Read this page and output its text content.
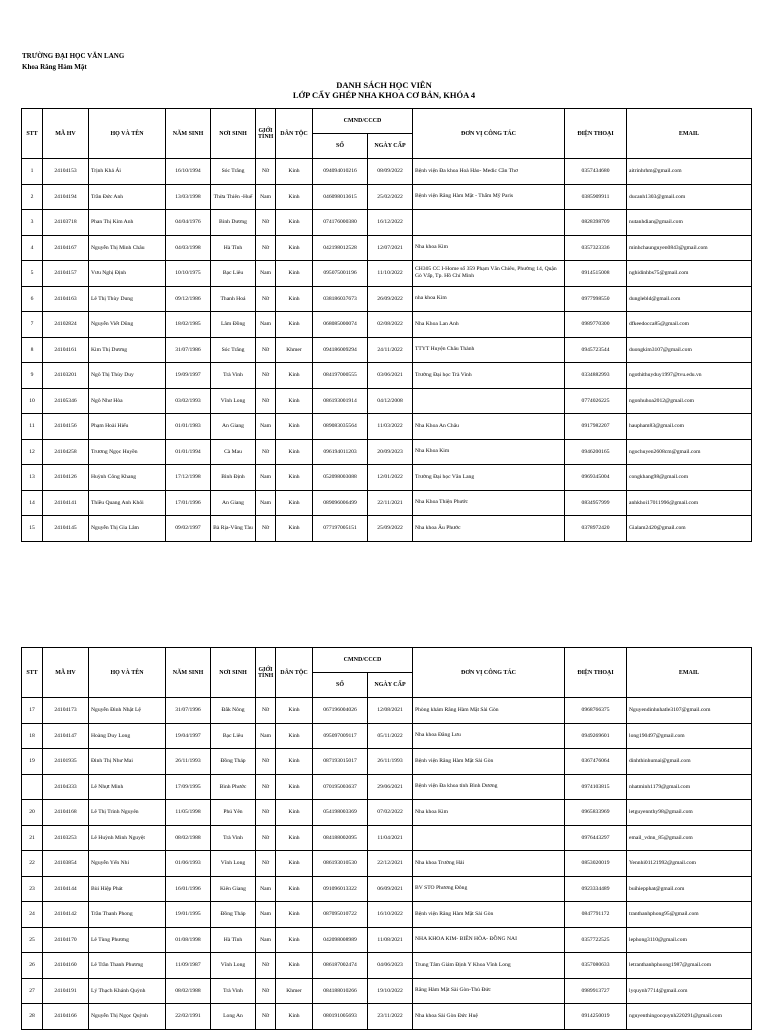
TRƯỜNG ĐẠI HỌC VĂN LANG
Khoa Răng Hàm Mặt
DANH SÁCH HỌC VIÊN
LỚP CẤY GHÉP NHA KHOA CƠ BẢN, KHÓA 4
STT	MÃ HV	HỌ VÀ TÊN	NĂM SINH	NƠI SINH	GIỚI TÍNH	DÂN TỘC	CMND/CCCD		ĐƠN VỊ CÔNG TÁC	ĐIỆN THOẠI	EMAIL
							SỐ	NGÀY CẤP			
1	24104153	Trịnh Khả Ái	16/10/1994	Sóc Trăng	Nữ	Kinh	094094010216	08/09/2022	Bệnh viện Đa khoa Hoà Hảo- Medic Cần Thơ	0357434680	aitrinhrhm@gmail.com
2	24104194	Trần Đức Anh	13/03/1998	Thừa Thiên -Huế	Nam	Kinh	046098013615	25/02/2022	Bệnh viện Răng Hàm Mặt - Thẩm Mỹ Paris	0385909911	ducanh1303@gmail.com
3	24103718	Phan Thị Kim Anh	04/04/1976	Bình Dương	Nữ	Kinh	074176000380	16/12/2022		0828398709	nutanhdian@gmail.com
4	24104167	Nguyễn Thị Minh Châu	04/03/1998	Hà Tĩnh	Nữ	Kinh	042198012528	12/07/2021	Nha khoa Kim	0357323336	minhchaunguyen0843@gmail.com
5	24104157	Vưu Nghị Định	10/10/1975	Bạc Liêu	Nam	Kinh	095075001196	11/10/2022	CH305 CC I-Home số 359 Phạm Văn Chiêu, Phường 14, Quận Gò Vấp, Tp. Hồ Chí Minh	0914515008	nghidinhbs75@gmail.com
6	24104163	Lê Thị Thùy Dung	09/12/1986	Thanh Hoá	Nữ	Kinh	038186037673	26/09/2022	nha khoa Kim	0977998550	dunglebld@gmail.com
7	24102824	Nguyễn Viết Dũng	18/02/1985	Lâm Đồng	Nam	Kinh	068085000074	02/08/2022	Nha Khoa Lan Anh	0989770300	dfkeedocca85@gmail.com
8	24104161	Kim Thị Dương	31/07/1986	Sóc Trăng	Nữ	Khmer	094186009294	24/11/2022	TTYT Huyện Châu Thành	0945723544	duongkim3107@gmail.com
9	24103201	Ngô Thị Thùy Duy	19/09/1997	Trà Vinh	Nữ	Kinh	084197000555	03/06/2021	Trường Đại học Trà Vinh	0334882993	ngothithuyduy1997@tvu.edu.vn
10	24105346	Ngô Như Hòa	03/02/1993	Vĩnh Long	Nữ	Kinh	086193001914	04/12/2008		0774026225	ngonhuhoa2012@gmail.com
11	24104156	Phạm Hoài Hiếu	01/01/1983	An Giang	Nam	Kinh	089083035564	11/03/2022	Nha Khoa An Châu	0917982207	haupham83@gmail.com
12	24104258	Trương Ngọc Huyền	01/01/1994	Cà Mau	Nữ	Kinh	096194011203	20/09/2023	Nha Khoa Kim	0946200165	ngochuyen2608cm@gmail.com
13	24104126	Huỳnh Công Khang	17/12/1998	Bình Định	Nam	Kinh	052098003088	12/01/2022	Trường Đại học Văn Lang	0969345004	congkhang98@gmail.com
14	24104141	Thiều Quang Anh Khôi	17/01/1996	An Giang	Nam	Kinh	089096006499	22/11/2021	Nha Khoa Thiện Phước	0834957999	anhkhoi17011996@gmail.com
15	24104145	Nguyễn Thị Gia Lâm	09/02/1997	Bà Rịa-Vũng Tàu	Nữ	Kinh	077197005151	25/09/2022	Nha khoa Âu Phước	0378972420	Gialam2420@gmail.com
STT	MÃ HV	HỌ VÀ TÊN	NĂM SINH	NƠI SINH	GIỚI TÍNH	DÂN TỘC	CMND/CCCD		ĐƠN VỊ CÔNG TÁC	ĐIỆN THOẠI	EMAIL
							SỐ	NGÀY CẤP			
17	24104173	Nguyễn Đình Nhật Lệ	31/07/1996	Đắk Nông	Nữ	Kinh	067196004026	12/08/2021	Phòng khám Răng Hàm Mặt Sài Gòn	0968766375	Nguyendinhnhatle3107@gmail.com
18	24104147	Hoàng Duy Long	19/04/1997	Bạc Liêu	Nam	Kinh	095097009117	05/11/2022	Nha khoa Đăng Lưu	0949269601	long190497@gmail.com
19	24101935	Đinh Thị Như Mai	26/11/1993	Đồng Tháp	Nữ	Kinh	087193015017	26/11/1993	Bệnh viện Răng Hàm Mặt Sài Gòn	0367476064	dinhthinhumai@gmail.com
	24104333	Lê Nhựt Minh	17/09/1995	Bình Phước	Nữ	Kinh	070195003637	29/06/2021	Bệnh viện Đa khoa tỉnh Bình Dương	0974103815	nhatminh1179@gmail.com
20	24104168	Lê Thị Trinh Nguyên	11/05/1998	Phú Yên	Nữ	Kinh	054198003369	07/02/2022	Nha khoa Kim	0965833969	letguyennthy98@gmail.com
21	24103253	Lê Huỳnh Minh Nguyệt	08/02/1988	Trà Vinh	Nữ	Kinh	084188002095	11/04/2021		0976443297	email_vdnn_85@gmail.com
22	24103854	Nguyễn Yến Nhi	01/06/1993	Vĩnh Long	Nữ	Kinh	086193010530	22/12/2021	Nha khoa Trường Hải	0853020019	Yennhi01121992@gmail.com
23	24104144	Bùi Hiệp Phát	16/01/1996	Kiên Giang	Nam	Kinh	091096013322	06/09/2021	BV STO Phương Đông	0923334489	buihiepphat@gmail.com
24	24104142	Trần Thanh Phong	19/01/1995	Đồng Tháp	Nam	Kinh	087095010722	16/10/2022	Bệnh viện Răng Hàm Mặt Sài Gòn	0847791172	tranthanhphong95@gmail.com
25	24104170	Lê Tùng Phương	01/08/1998	Hà Tĩnh	Nam	Kinh	042098008989	11/08/2021	NHA KHOA KIM- BIÊN HÒA- ĐỒNG NAI	0357722525	lephong3110@gmail.com
26	24104160	Lê Trần Thanh Phương	11/09/1987	Vĩnh Long	Nữ	Kinh	086187002474	04/06/2023	Trung Tâm Giám Định Y Khoa Vĩnh Long	0357080633	letranthanhphuong1987@gmail.com
27	24104191	Lý Thạch Khánh Quỳnh	08/02/1988	Trà Vinh	Nữ	Khmer	084188010266	19/10/2022	Răng Hàm Mặt Sài Gòn-Thủ Đức	0989913727	lyquynh7714@gmail.com
28	24104166	Nguyễn Thị Ngọc Quỳnh	22/02/1991	Long An	Nữ	Kinh	080191005693	23/11/2022	Nha khoa Sài Gòn Đức Huệ	0914250019	nguyenthingocquynh220291@gmail.com
